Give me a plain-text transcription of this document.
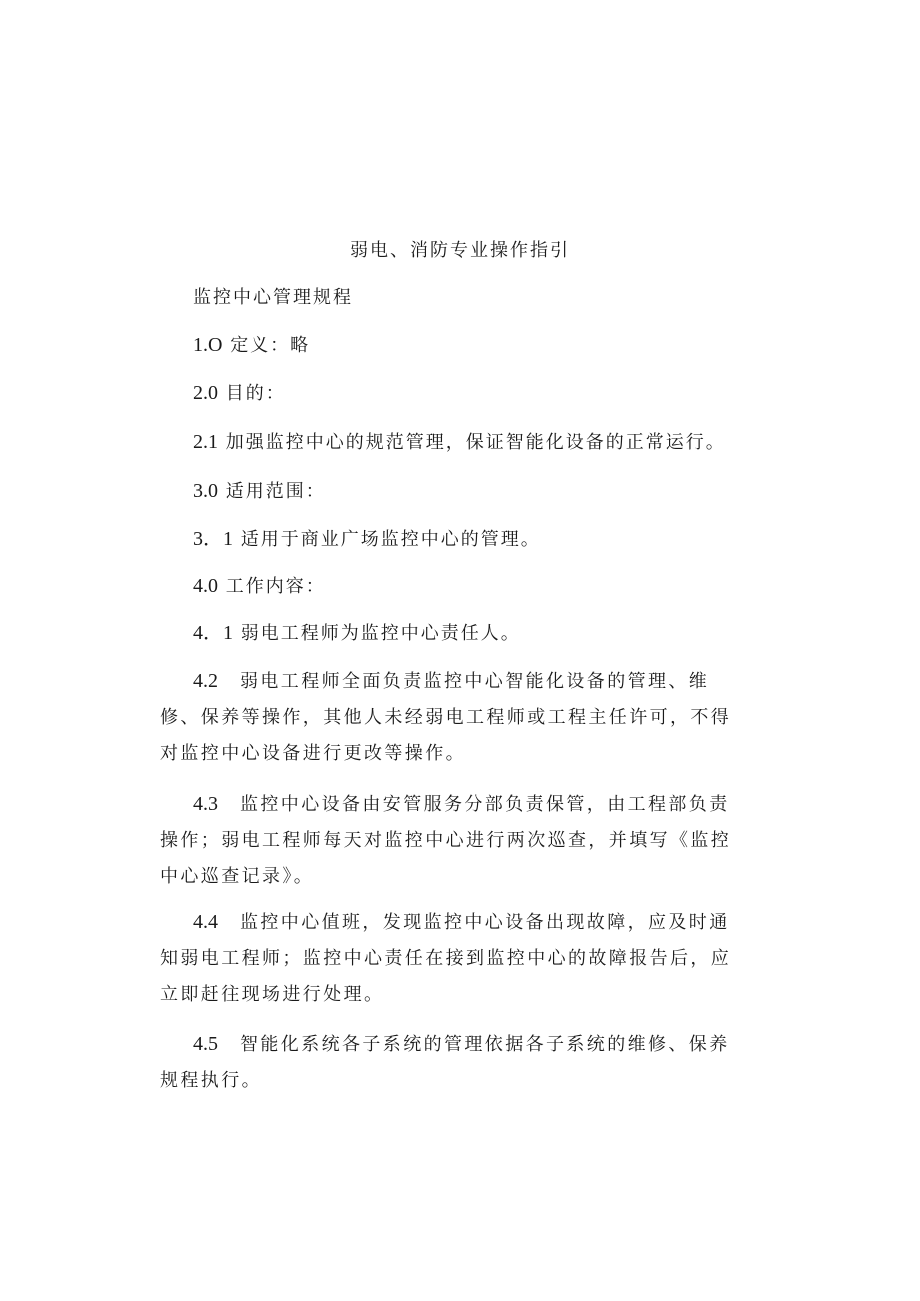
弱电、消防专业操作指引

监控中心管理规程

1.O 定义：略

2.0 目的：

2.1 加强监控中心的规范管理，保证智能化设备的正常运行。

3.0 适用范围：

3．1 适用于商业广场监控中心的管理。

4.0 工作内容：

4．1 弱电工程师为监控中心责任人。

4.2 弱电工程师全面负责监控中心智能化设备的管理、维修、保养等操作，其他人未经弱电工程师或工程主任许可，不得对监控中心设备进行更改等操作。

4.3 监控中心设备由安管服务分部负责保管，由工程部负责操作；弱电工程师每天对监控中心进行两次巡查，并填写《监控中心巡查记录》。

4.4 监控中心值班，发现监控中心设备出现故障，应及时通知弱电工程师；监控中心责任在接到监控中心的故障报告后，应立即赶往现场进行处理。

4.5 智能化系统各子系统的管理依据各子系统的维修、保养规程执行。
